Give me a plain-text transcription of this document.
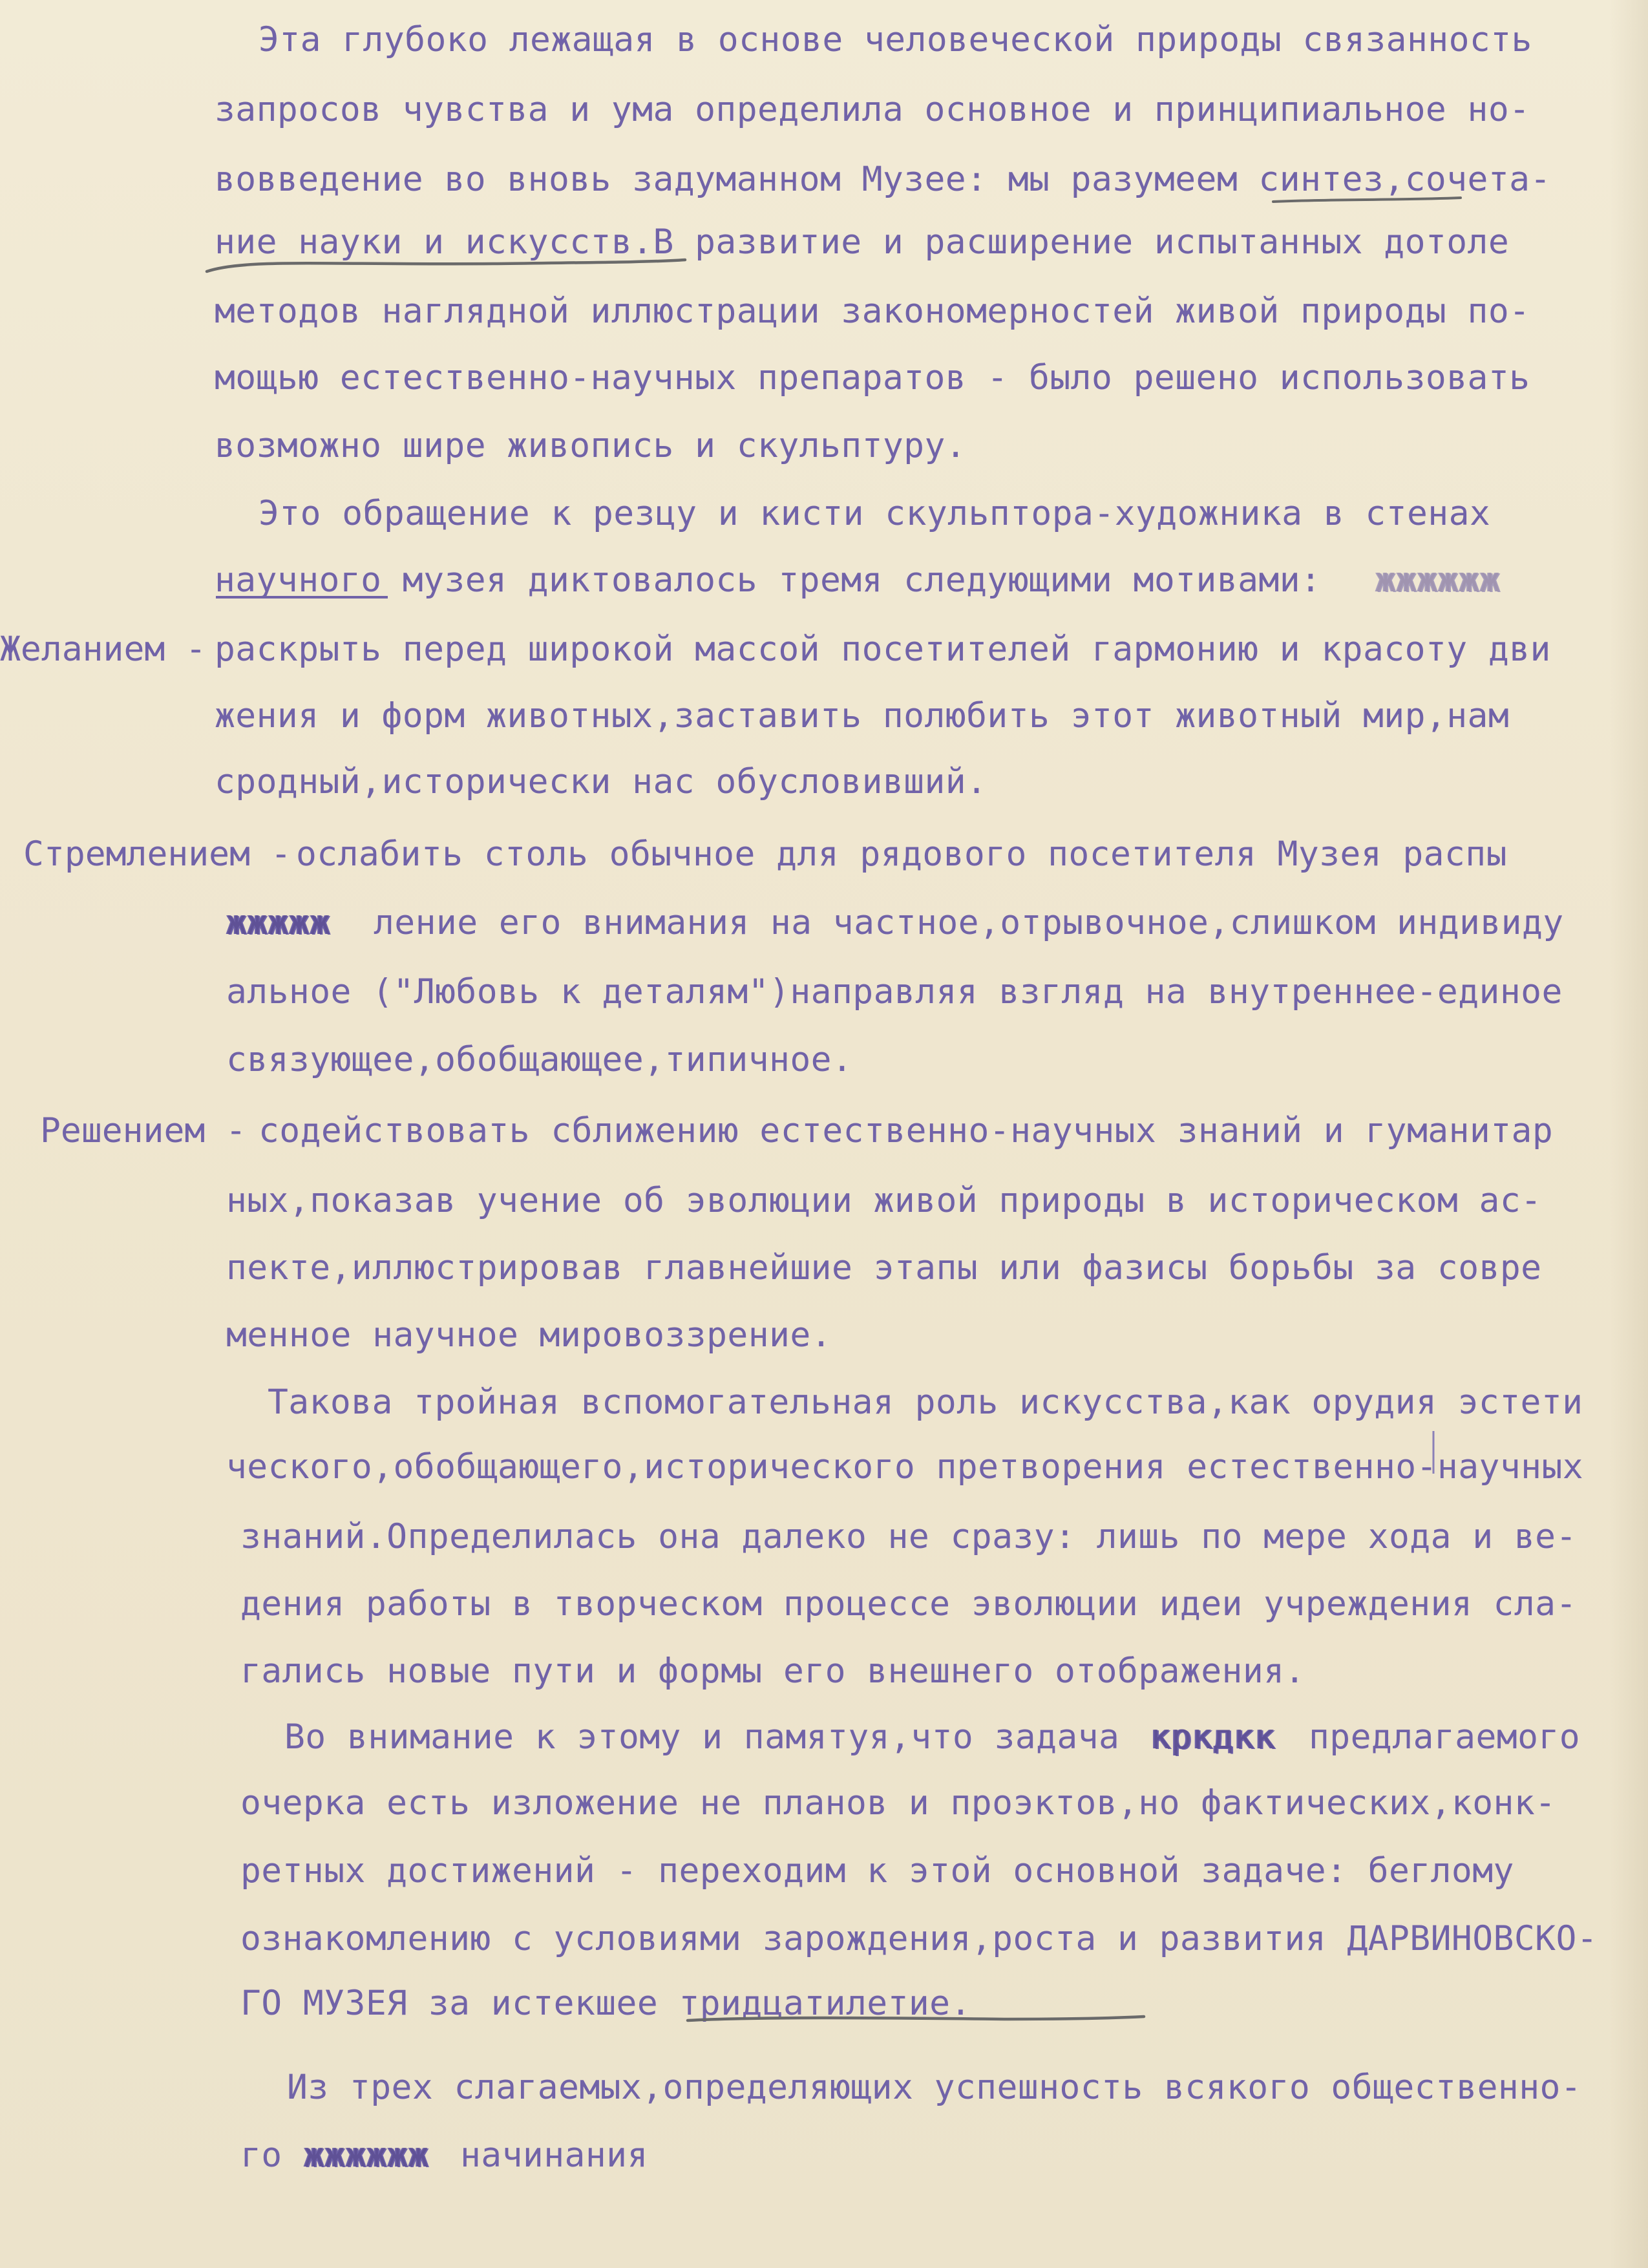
Эта глубоко лежащая в основе человеческой природы связанность
запросов чувства и ума определила основное и принципиальное но-
вовведение во вновь задуманном Музее: мы разумеем синтез,сочета-
ние науки и искусств.В развитие и расширение испытанных дотоле
методов наглядной иллюстрации закономерностей живой природы по-
мощью естественно-научных препаратов - было решено использовать
возможно шире живопись и скульптуру.
Это обращение к резцу и кисти скульптора-художника в стенах
научного музея диктовалось тремя следующими мотивами: жжжжжж
Желанием - раскрыть перед широкой массой посетителей гармонию и красоту дви
жения и форм животных,заставить полюбить этот животный мир,нам
сродный,исторически нас обусловивший.
Стремлением - ослабить столь обычное для рядового посетителя Музея распы
жжжжж ление его внимания на частное,отрывочное,слишком индивиду
альное ("Любовь к деталям")направляя взгляд на внутреннее-единое
связующее,обобщающее,типичное.
Решением - содействовать сближению естественно-научных знаний и гуманитар
ных,показав учение об эволюции живой природы в историческом ас-
пекте,иллюстрировав главнейшие этапы или фазисы борьбы за совре
менное научное мировоззрение.
Такова тройная вспомогательная роль искусства,как орудия эстети
ческого,обобщающего,исторического претворения естественно-научных
знаний.Определилась она далеко не сразу: лишь по мере хода и ве-
дения работы в творческом процессе эволюции идеи учреждения сла-
гались новые пути и формы его внешнего отображения.
Во внимание к этому и памятуя,что задача кркдкк предлагаемого
очерка есть изложение не планов и проэктов,но фактических,конк-
ретных достижений - переходим к этой основной задаче: беглому
ознакомлению с условиями зарождения,роста и развития ДАРВИНОВСКО-
ГО МУЗЕЯ за истекшее тридцатилетие.
Из трех слагаемых,определяющих успешность всякого общественно-
го жжжжжж начинания
